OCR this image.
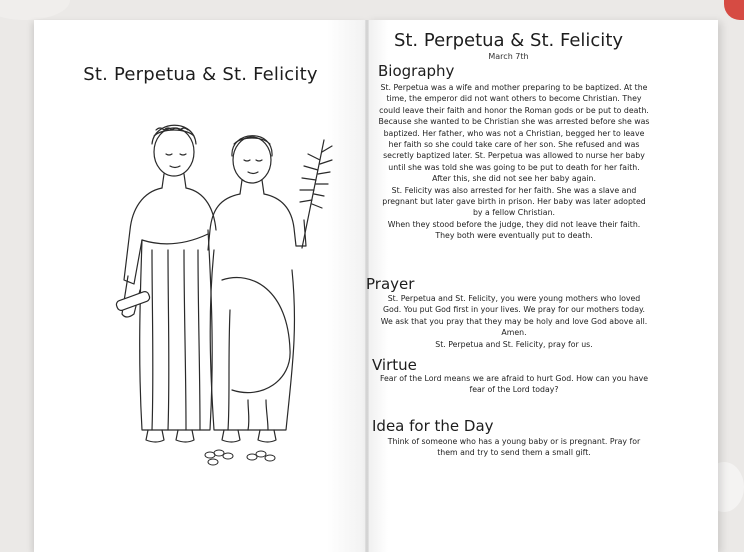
St. Perpetua & St. Felicity
St. Perpetua & St. Felicity
March 7th
Biography

St. Perpetua was a wife and mother preparing to be baptized. At the time, the emperor did not want others to become Christian. They could leave their faith and honor the Roman gods or be put to death. Because she wanted to be Christian she was arrested before she was baptized. Her father, who was not a Christian, begged her to leave her faith so she could take care of her son. She refused and was secretly baptized later. St. Perpetua was allowed to nurse her baby until she was told she was going to be put to death for her faith. After this, she did not see her baby again.

St. Felicity was also arrested for her faith. She was a slave and pregnant but later gave birth in prison. Her baby was later adopted by a fellow Christian.

When they stood before the judge, they did not leave their faith. They both were eventually put to death.

Prayer

St. Perpetua and St. Felicity, you were young mothers who loved God. You put God first in your lives. We pray for our mothers today. We ask that you pray that they may be holy and love God above all. Amen.

St. Perpetua and St. Felicity, pray for us.

Virtue

Fear of the Lord means we are afraid to hurt God. How can you have fear of the Lord today?

Idea for the Day

Think of someone who has a young baby or is pregnant. Pray for them and try to send them a small gift.
